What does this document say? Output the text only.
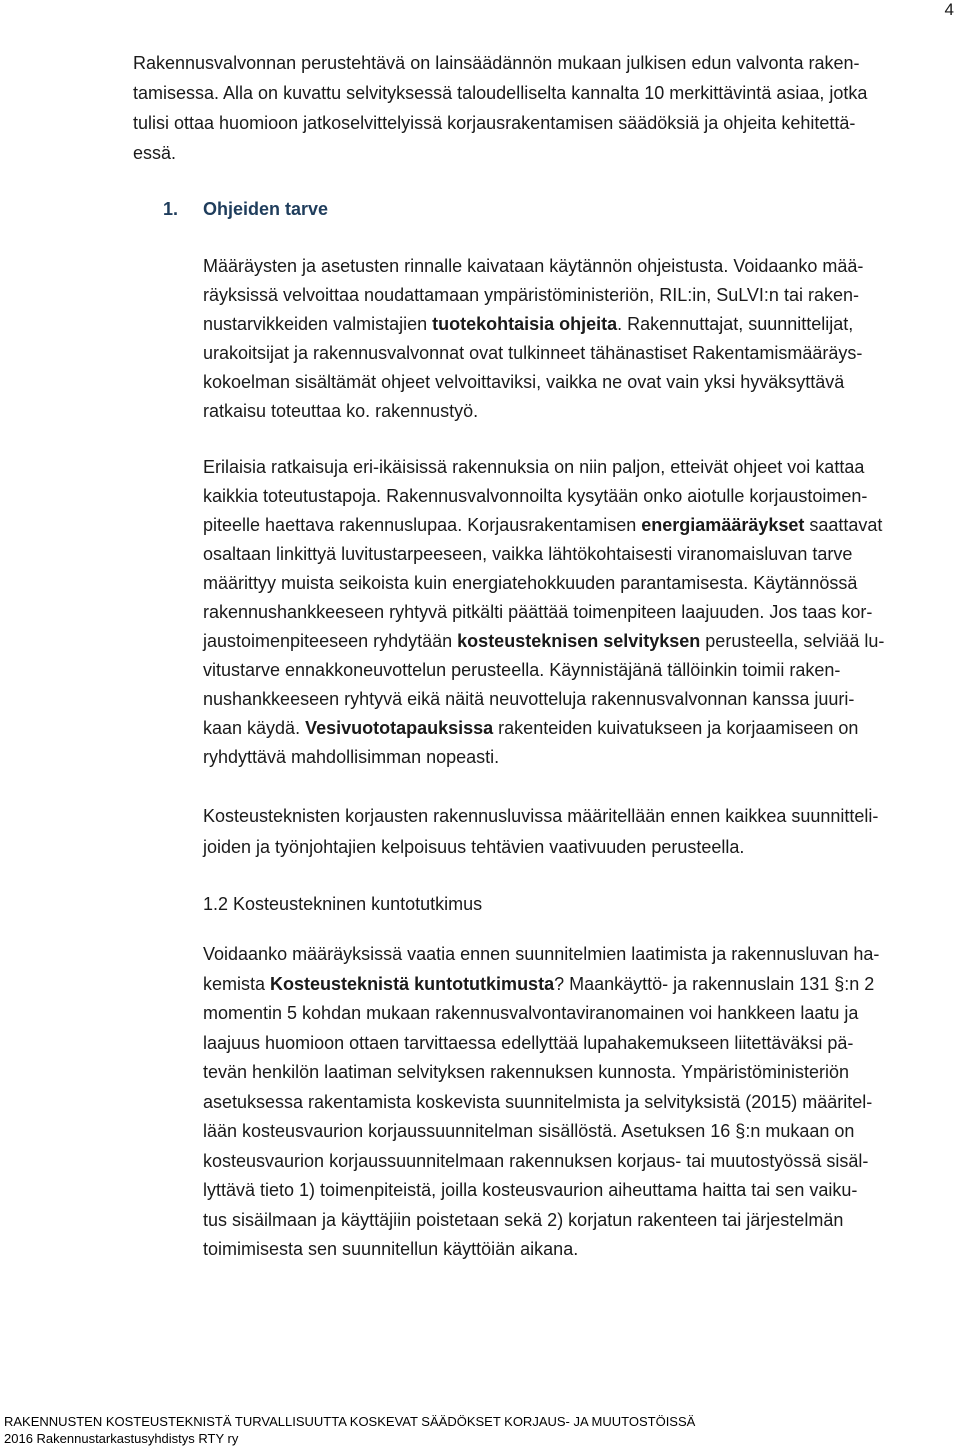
4
Rakennusvalvonnan perustehtävä on lainsäädännön mukaan julkisen edun valvonta raken-
tamisessa. Alla on kuvattu selvityksessä taloudelliselta kannalta 10 merkittävintä asiaa, jotka
tulisi ottaa huomioon jatkoselvittelyissä korjausrakentamisen säädöksiä ja ohjeita kehitettä-
essä.
1. Ohjeiden tarve
Määräysten ja asetusten rinnalle kaivataan käytännön ohjeistusta. Voidaanko mää-
räyksissä velvoittaa noudattamaan ympäristöministeriön, RIL:in, SuLVI:n tai raken-
nustarvikkeiden valmistajien tuotekohtaisia ohjeita. Rakennuttajat, suunnittelijat,
urakoitsijat ja rakennusvalvonnat ovat tulkinneet tähänastiset Rakentamismääräys-
kokoelman sisältämät ohjeet velvoittaviksi, vaikka ne ovat vain yksi hyväksyttävä
ratkaisu toteuttaa ko. rakennustyö.
Erilaisia ratkaisuja eri-ikäisissä rakennuksia on niin paljon, etteivät ohjeet voi kattaa
kaikkia toteutustapoja. Rakennusvalvonnoilta kysytään onko aiotulle korjaustoimen-
piteelle haettava rakennuslupaa. Korjausrakentamisen energiamääräykset saattavat
osaltaan linkittyä luvitustarpeeseen, vaikka lähtökohtaisesti viranomaisluvan tarve
määrittyy muista seikoista kuin energiatehokkuuden parantamisesta. Käytännössä
rakennushankkeeseen ryhtyvä pitkälti päättää toimenpiteen laajuuden. Jos taas kor-
jaustoimenpiteeseen ryhdytään kosteusteknisen selvityksen perusteella, selviää lu-
vitustarve ennakkoneuvottelun perusteella. Käynnistäjänä tällöinkin toimii raken-
nushankkeeseen ryhtyvä eikä näitä neuvotteluja rakennusvalvonnan kanssa juuri-
kaan käydä. Vesivuototapauksissa rakenteiden kuivatukseen ja korjaamiseen on
ryhdyttävä mahdollisimman nopeasti.
Kosteusteknisten korjausten rakennusluvissa määritellään ennen kaikkea suunnitteli-
joiden ja työnjohtajien kelpoisuus tehtävien vaativuuden perusteella.
1.2 Kosteustekninen kuntotutkimus
Voidaanko määräyksissä vaatia ennen suunnitelmien laatimista ja rakennusluvan ha-
kemista Kosteusteknistä kuntotutkimusta? Maankäyttö- ja rakennuslain 131 §:n 2
momentin 5 kohdan mukaan rakennusvalvontaviranomainen voi hankkeen laatu ja
laajuus huomioon ottaen tarvittaessa edellyttää lupahakemukseen liitettäväksi pä-
tevän henkilön laatiman selvityksen rakennuksen kunnosta. Ympäristöministeriön
asetuksessa rakentamista koskevista suunnitelmista ja selvityksistä (2015) määritel-
lään kosteusvaurion korjaussuunnitelman sisällöstä. Asetuksen 16 §:n mukaan on
kosteusvaurion korjaussuunnitelmaan rakennuksen korjaus- tai muutostyössä sisäl-
lyttävä tieto 1) toimenpiteistä, joilla kosteusvaurion aiheuttama haitta tai sen vaiku-
tus sisäilmaan ja käyttäjiin poistetaan sekä 2) korjatun rakenteen tai järjestelmän
toimimisesta sen suunnitellun käyttöiän aikana.
RAKENNUSTEN KOSTEUSTEKNISTÄ TURVALLISUUTTA KOSKEVAT SÄÄDÖKSET KORJAUS- JA MUUTOSTÖISSÄ
2016 Rakennustarkastusyhdistys RTY ry
